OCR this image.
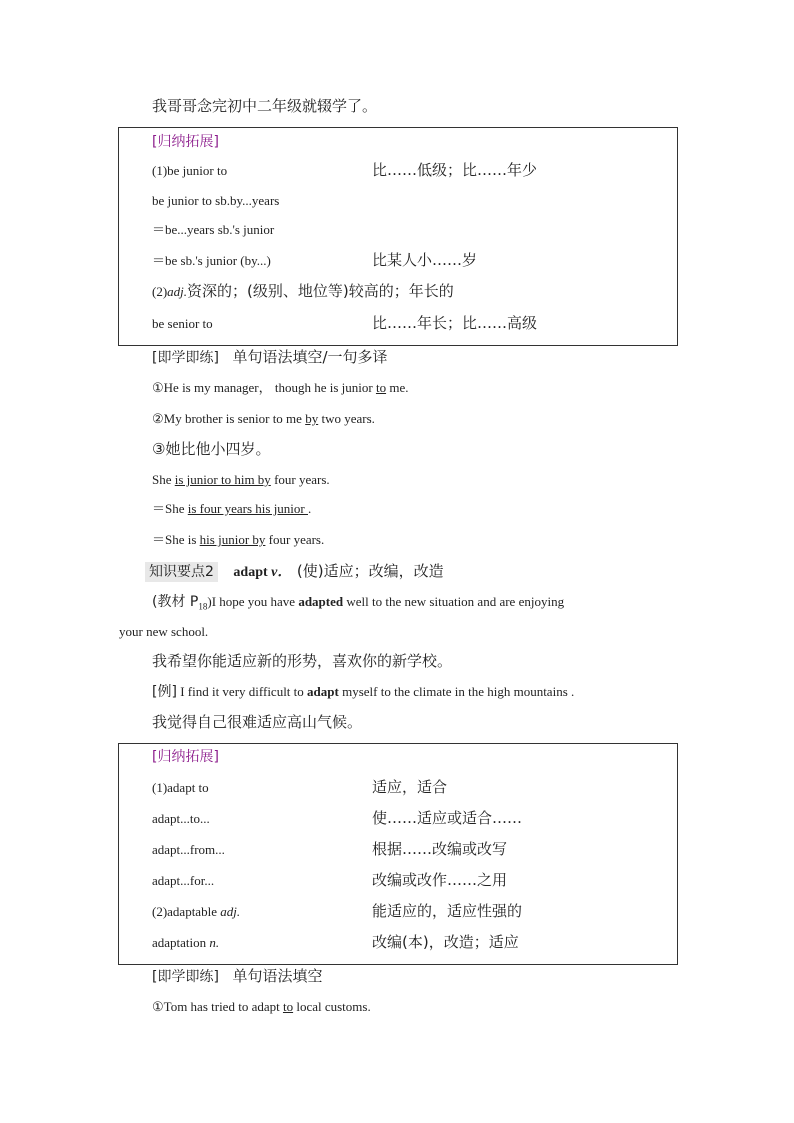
我哥哥念完初中二年级就辍学了。
[归纳拓展]
(1)be junior to	比……低级；比……年少
be junior to sb.by...years
＝be...years sb.'s junior
＝be sb.'s junior (by...)	比某人小……岁
(2)adj.资深的；(级别、地位等)较高的；年长的
be senior to	比……年长；比……高级
[即学即练] 单句语法填空/一句多译
①He is my manager， though he is junior to me.
②My brother is senior to me by two years.
③她比他小四岁。
She is junior to him by four years.
＝She is four years his junior .
＝She is his junior by four years.
知识要点2 adapt v． (使)适应；改编，改造
(教材 $P_{18})I$ hope you have adapted well to the new situation and are enjoying
your new school.
我希望你能适应新的形势，喜欢你的新学校。
[例] I find it very difficult to adapt myself to the climate in the high mountains .
我觉得自己很难适应高山气候。
[归纳拓展]
(1)adapt to	适应，适合
adapt...to...	使……适应或适合……
adapt...from...	根据……改编或改写
adapt...for...	改编或改作……之用
(2)adaptable adj.	能适应的，适应性强的
adaptation n.	改编(本)，改造；适应
[即学即练] 单句语法填空
①Tom has tried to adapt to local customs.
